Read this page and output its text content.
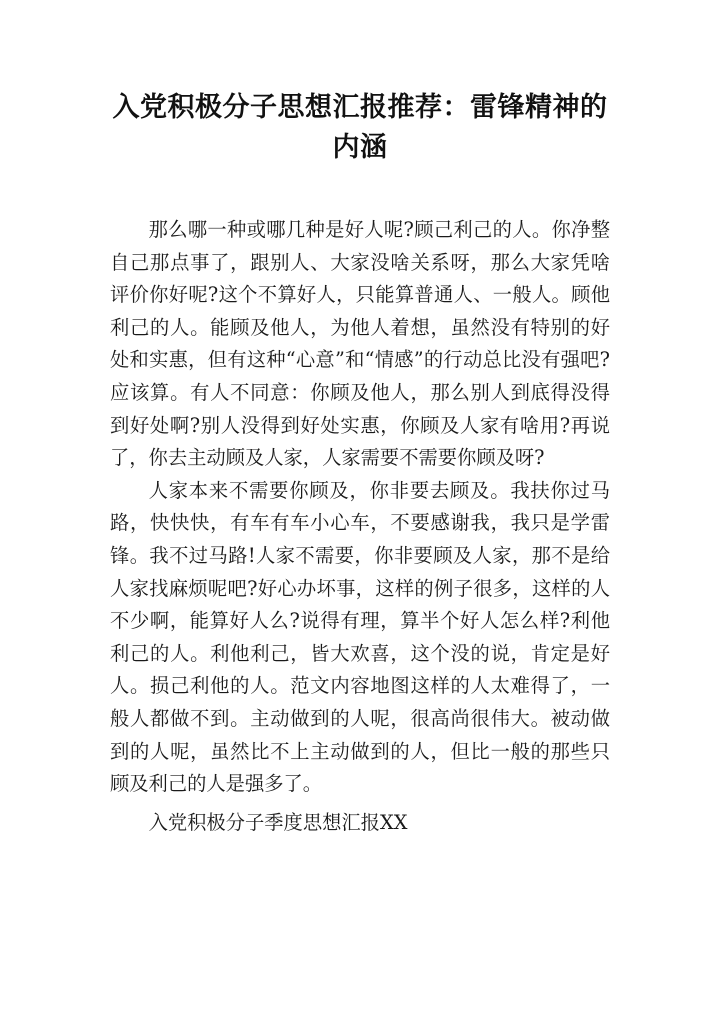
入党积极分子思想汇报推荐：雷锋精神的内涵

那么哪一种或哪几种是好人呢?顾己利己的人。你净整自己那点事了，跟别人、大家没啥关系呀，那么大家凭啥评价你好呢?这个不算好人，只能算普通人、一般人。顾他利己的人。能顾及他人，为他人着想，虽然没有特别的好处和实惠，但有这种“心意”和“情感”的行动总比没有强吧?应该算。有人不同意：你顾及他人，那么别人到底得没得到好处啊?别人没得到好处实惠，你顾及人家有啥用?再说了，你去主动顾及人家，人家需要不需要你顾及呀?

人家本来不需要你顾及，你非要去顾及。我扶你过马路，快快快，有车有车小心车，不要感谢我，我只是学雷锋。我不过马路!人家不需要，你非要顾及人家，那不是给人家找麻烦呢吧?好心办坏事，这样的例子很多，这样的人不少啊，能算好人么?说得有理，算半个好人怎么样?利他利己的人。利他利己，皆大欢喜，这个没的说，肯定是好人。损己利他的人。范文内容地图这样的人太难得了，一般人都做不到。主动做到的人呢，很高尚很伟大。被动做到的人呢，虽然比不上主动做到的人，但比一般的那些只顾及利己的人是强多了。

入党积极分子季度思想汇报XX
